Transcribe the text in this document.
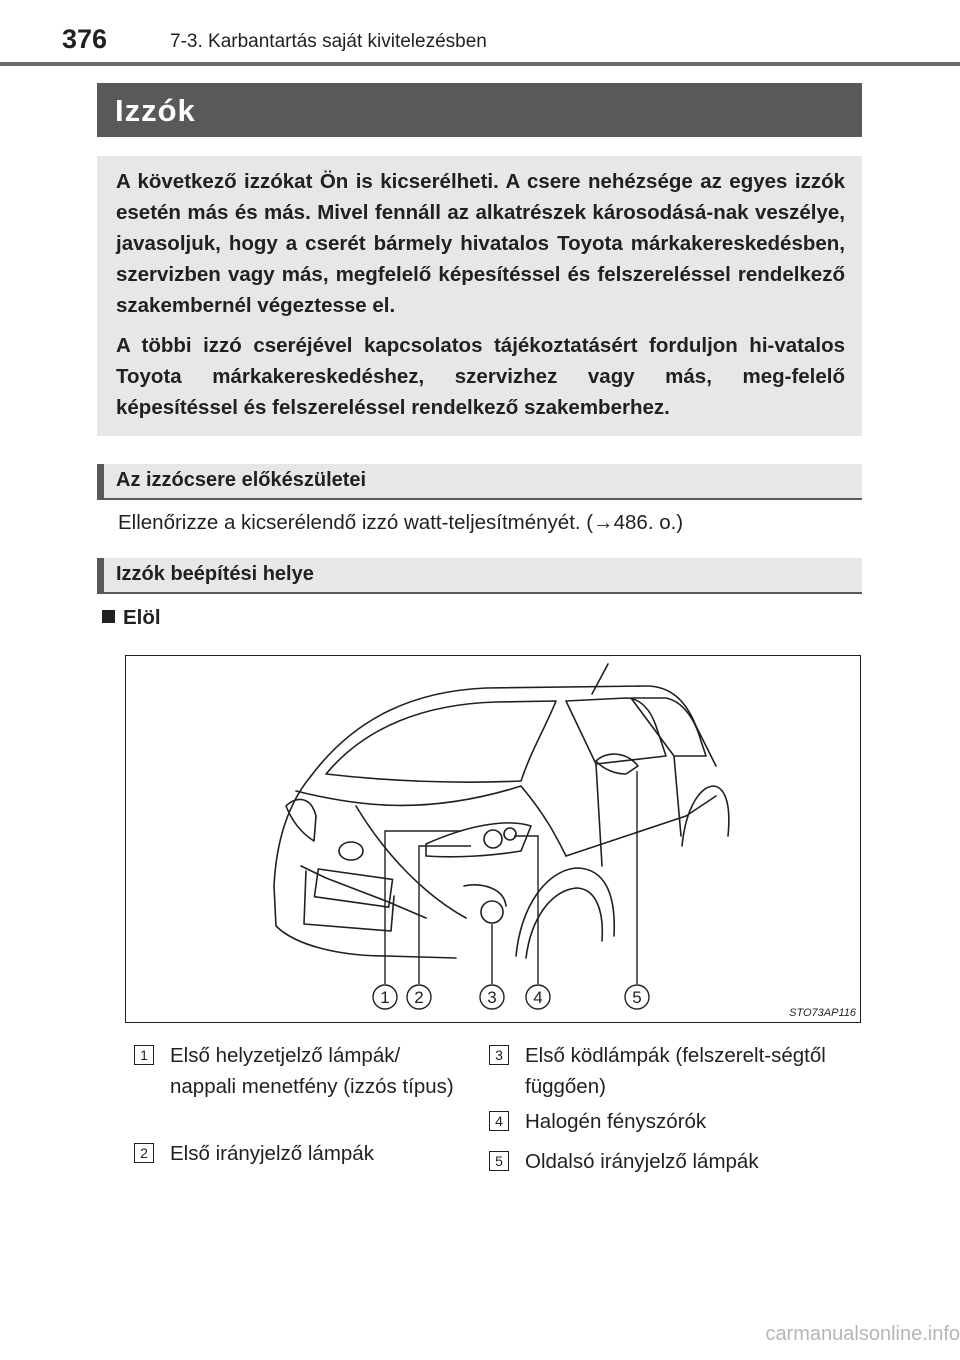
376	7-3. Karbantartás saját kivitelezésben
Izzók

A következő izzókat Ön is kicserélheti. A csere nehézsége az egyes izzók esetén más és más. Mivel fennáll az alkatrészek károsodásá-nak veszélye, javasoljuk, hogy a cserét bármely hivatalos Toyota márkakereskedésben, szervizben vagy más, megfelelő képesítéssel és felszereléssel rendelkező szakembernél végeztesse el.

A többi izzó cseréjével kapcsolatos tájékoztatásért forduljon hi-vatalos Toyota márkakereskedéshez, szervizhez vagy más, meg-felelő képesítéssel és felszereléssel rendelkező szakemberhez.

Az izzócsere előkészületei
Ellenőrizze a kicserélendő izzó watt-teljesítményét. (→486. o.)
Izzók beépítési helye
Elöl
1 2	3 4	5
STO73AP116
1 Első helyzetjelző lámpák/ nappali menetfény (izzós típus)
2 Első irányjelző lámpák
3 Első ködlámpák (felszerelt-ségtől függően)
4 Halogén fényszórók
5 Oldalsó irányjelző lámpák
carmanualsonline.info
